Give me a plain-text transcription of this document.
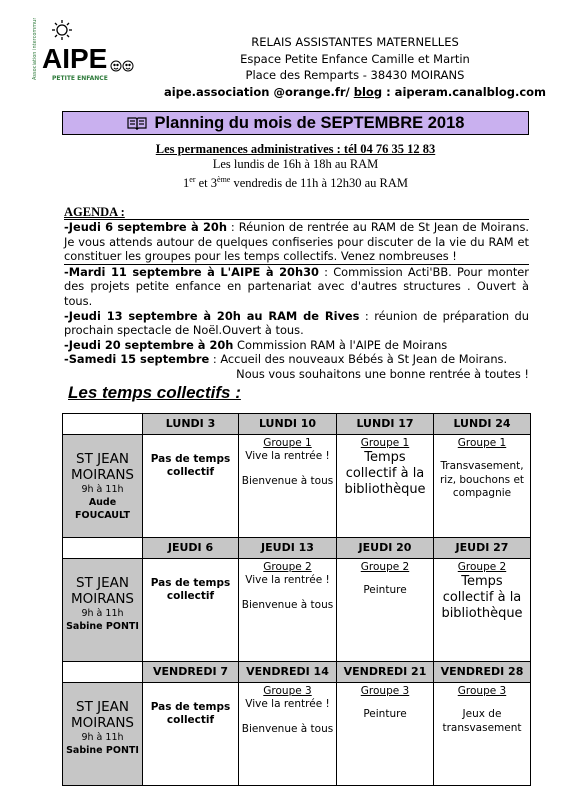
AIPE
Association intercommunale PETITE ENFANCE
RELAIS ASSISTANTES MATERNELLES
Espace Petite Enfance Camille et Martin
Place des Remparts - 38430 MOIRANS
aipe.association @orange.fr/ blog : aiperam.canalblog.com
Planning du mois de SEPTEMBRE 2018
Les permanences administratives : tél 04 76 35 12 83
Les lundis de 16h à 18h au RAM
1er et 3ème vendredis de 11h à 12h30 au RAM
AGENDA :

-Jeudi 6 septembre à 20h : Réunion de rentrée au RAM de St Jean de Moirans. Je vous attends autour de quelques confiseries pour discuter de la vie du RAM et constituer les groupes pour les temps collectifs. Venez nombreuses !

-Mardi 11 septembre à L'AIPE à 20h30 : Commission Acti'BB. Pour monter des projets petite enfance en partenariat avec d'autres structures . Ouvert à tous.

-Jeudi 13 septembre à 20h au RAM de Rives : réunion de préparation du prochain spectacle de Noël.Ouvert à tous.

-Jeudi 20 septembre à 20h Commission RAM à l'AIPE de Moirans

-Samedi 15 septembre : Accueil des nouveaux Bébés à St Jean de Moirans.

Nous vous souhaitons une bonne rentrée à toutes !

Les temps collectifs :
	LUNDI 3	LUNDI 10	LUNDI 17	LUNDI 24

ST JEAN MOIRANS
9h à 11h
Aude FOUCAULT	Pas de temps collectif	Groupe 1
Vive la rentrée !
Bienvenue à tous	Groupe 1
Temps collectif à la bibliothèque	Groupe 1
Transvasement, riz, bouchons et compagnie

	JEUDI 6	JEUDI 13	JEUDI 20	JEUDI 27

ST JEAN MOIRANS
9h à 11h
Sabine PONTI	Pas de temps collectif	Groupe 2
Vive la rentrée !
Bienvenue à tous	Groupe 2
Peinture	Groupe 2
Temps collectif à la bibliothèque

	VENDREDI 7	VENDREDI 14	VENDREDI 21	VENDREDI 28

ST JEAN MOIRANS
9h à 11h
Sabine PONTI	Pas de temps collectif	Groupe 3
Vive la rentrée !
Bienvenue à tous	Groupe 3
Peinture	Groupe 3
Jeux de transvasement
